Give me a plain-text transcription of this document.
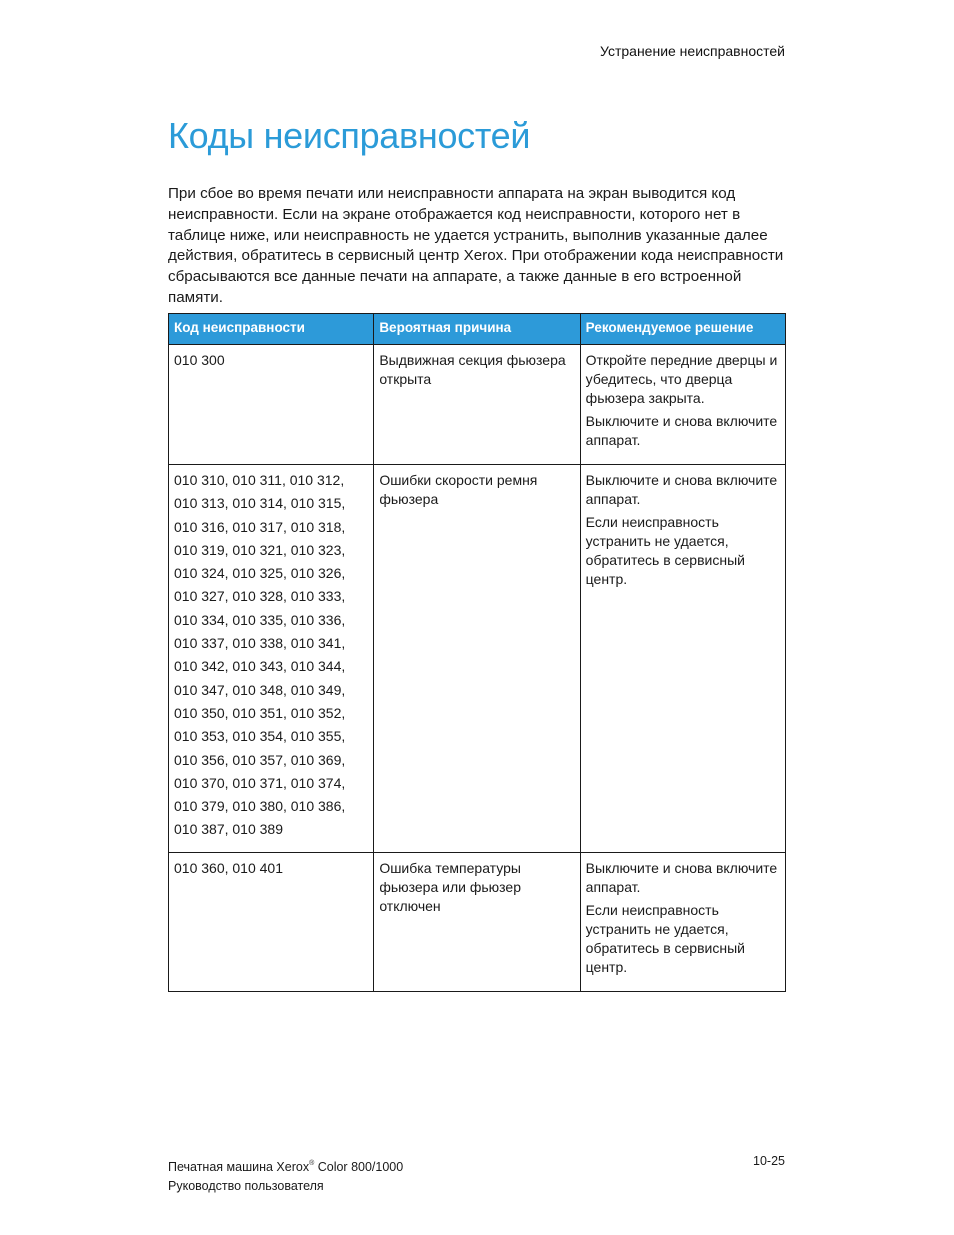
Устранение неисправностей
Коды неисправностей

При сбое во время печати или неисправности аппарата на экран выводится код неисправности. Если на экране отображается код неисправности, которого нет в таблице ниже, или неисправность не удается устранить, выполнив указанные далее действия, обратитесь в сервисный центр Xerox. При отображении кода неисправности сбрасываются все данные печати на аппарате, а также данные в его встроенной памяти.

Код неисправности	Вероятная причина	Рекомендуемое решение

010 300	Выдвижная секция фьюзера открыта	Откройте передние дверцы и убедитесь, что дверца фьюзера закрыта.

Выключите и снова включите аппарат.

010 310, 010 311, 010 312, 010 313, 010 314, 010 315, 010 316, 010 317, 010 318, 010 319, 010 321, 010 323, 010 324, 010 325, 010 326, 010 327, 010 328, 010 333, 010 334, 010 335, 010 336, 010 337, 010 338, 010 341, 010 342, 010 343, 010 344, 010 347, 010 348, 010 349, 010 350, 010 351, 010 352, 010 353, 010 354, 010 355, 010 356, 010 357, 010 369, 010 370, 010 371, 010 374, 010 379, 010 380, 010 386, 010 387, 010 389	Ошибки скорости ремня фьюзера	Выключите и снова включите аппарат.

Если неисправность устранить не удается, обратитесь в сервисный центр.

010 360, 010 401	Ошибка температуры фьюзера или фьюзер отключен	Выключите и снова включите аппарат.

Если неисправность устранить не удается, обратитесь в сервисный центр.

Печатная машина Xerox® Color 800/1000
Руководство пользователя
10-25
